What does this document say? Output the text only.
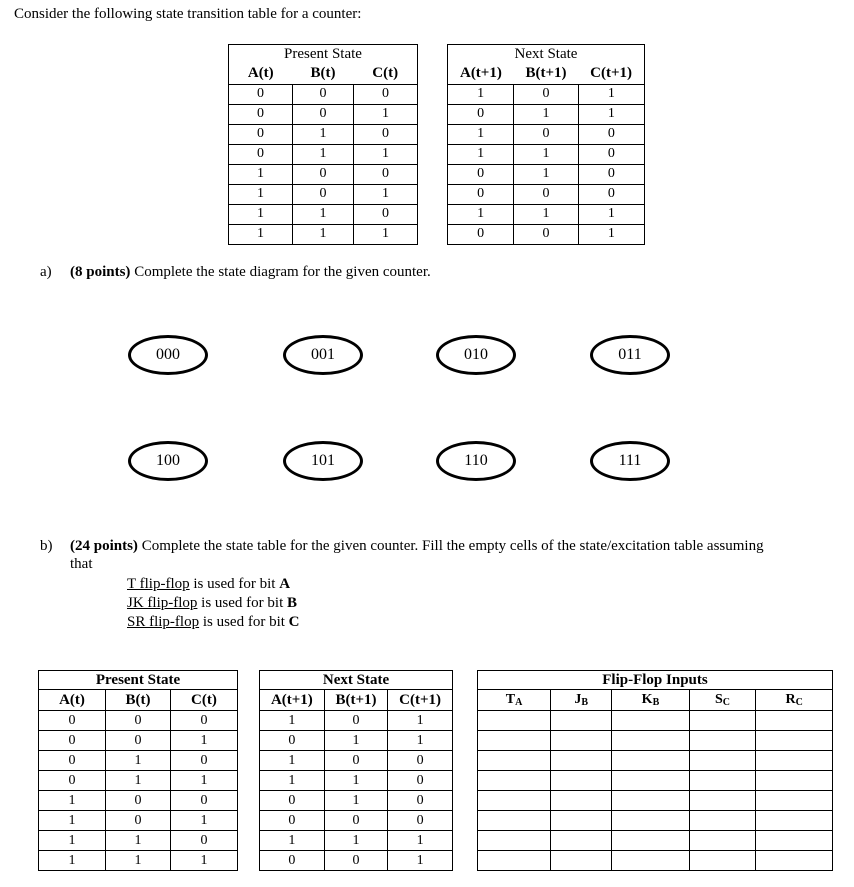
Consider the following state transition table for a counter:
Present State		
A(t)	B(t)	C(t)
0	0	0
0	0	1
0	1	0
0	1	1
1	0	0
1	0	1
1	1	0
1	1	1
Next State		
A(t+1)	B(t+1)	C(t+1)
1	0	1
0	1	1
1	0	0
1	1	0
0	1	0
0	0	0
1	1	1
0	0	1
a) (8 points) Complete the state diagram for the given counter.
000	001	010	011
100	101	110	111
b) (24 points) Complete the state table for the given counter. Fill the empty cells of the state/excitation table assuming
that
T flip-flop is used for bit A
JK flip-flop is used for bit B
SR flip-flop is used for bit C
Present State		
A(t)	B(t)	C(t)
0	0	0
0	0	1
0	1	0
0	1	1
1	0	0
1	0	1
1	1	0
1	1	1
Next State		
A(t+1)	B(t+1)	C(t+1)
1	0	1
0	1	1
1	0	0
1	1	0
0	1	0
0	0	0
1	1	1
0	0	1
Flip-Flop Inputs				
$T_A$	$J_B$	$K_B$	$S_C$	$R_C$
